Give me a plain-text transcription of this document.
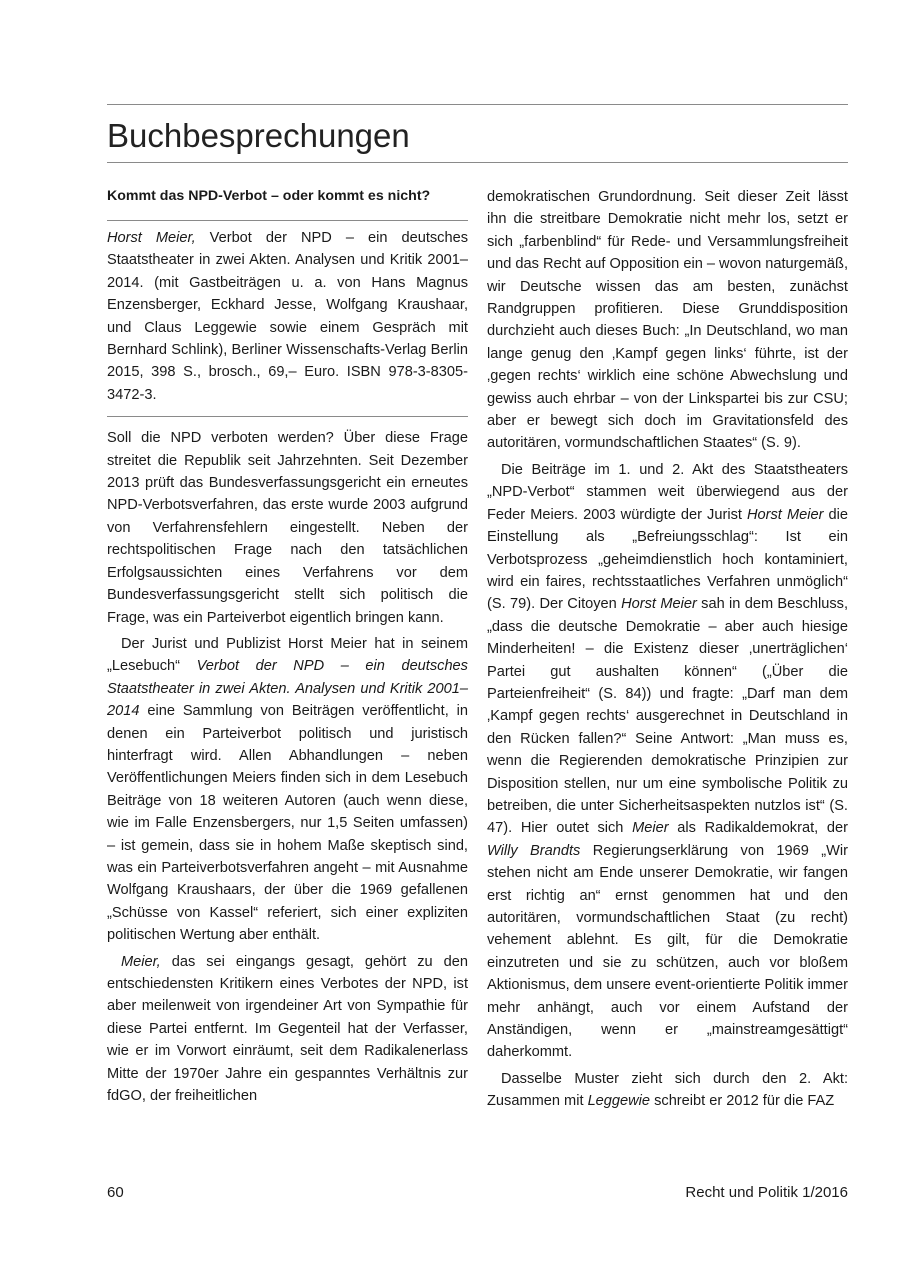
Buchbesprechungen

Kommt das NPD-Verbot – oder kommt es nicht?

Horst Meier, Verbot der NPD – ein deutsches Staatstheater in zwei Akten. Analysen und Kritik 2001–2014. (mit Gastbeiträgen u. a. von Hans Magnus Enzensberger, Eckhard Jesse, Wolfgang Kraushaar, und Claus Leggewie sowie einem Gespräch mit Bernhard Schlink), Berliner Wissenschafts-Verlag Berlin 2015, 398 S., brosch., 69,– Euro. ISBN 978-3-8305-3472-3.

Soll die NPD verboten werden? Über diese Frage streitet die Republik seit Jahrzehnten. Seit Dezember 2013 prüft das Bundesverfassungsgericht ein erneutes NPD-Verbotsverfahren, das erste wurde 2003 aufgrund von Verfahrensfehlern eingestellt. Neben der rechtspolitischen Frage nach den tatsächlichen Erfolgsaussichten eines Verfahrens vor dem Bundesverfassungsgericht stellt sich politisch die Frage, was ein Parteiverbot eigentlich bringen kann.

Der Jurist und Publizist Horst Meier hat in seinem „Lesebuch“ Verbot der NPD – ein deutsches Staatstheater in zwei Akten. Analysen und Kritik 2001–2014 eine Sammlung von Beiträgen veröffentlicht, in denen ein Parteiverbot politisch und juristisch hinterfragt wird. Allen Abhandlungen – neben Veröffentlichungen Meiers finden sich in dem Lesebuch Beiträge von 18 weiteren Autoren (auch wenn diese, wie im Falle Enzensbergers, nur 1,5 Seiten umfassen) – ist gemein, dass sie in hohem Maße skeptisch sind, was ein Parteiverbotsverfahren angeht – mit Ausnahme Wolfgang Kraushaars, der über die 1969 gefallenen „Schüsse von Kassel“ referiert, sich einer expliziten politischen Wertung aber enthält.

Meier, das sei eingangs gesagt, gehört zu den entschiedensten Kritikern eines Verbotes der NPD, ist aber meilenweit von irgendeiner Art von Sympathie für diese Partei entfernt. Im Gegenteil hat der Verfasser, wie er im Vorwort einräumt, seit dem Radikalenerlass Mitte der 1970er Jahre ein gespanntes Verhältnis zur fdGO, der freiheitlichen

demokratischen Grundordnung. Seit dieser Zeit lässt ihn die streitbare Demokratie nicht mehr los, setzt er sich „farbenblind“ für Rede- und Versammlungsfreiheit und das Recht auf Opposition ein – wovon naturgemäß, wir Deutsche wissen das am besten, zunächst Randgruppen profitieren. Diese Grunddisposition durchzieht auch dieses Buch: „In Deutschland, wo man lange genug den ‚Kampf gegen links‘ führte, ist der ‚gegen rechts‘ wirklich eine schöne Abwechslung und gewiss auch ehrbar – von der Linkspartei bis zur CSU; aber er bewegt sich doch im Gravitationsfeld des autoritären, vormundschaftlichen Staates“ (S. 9).

Die Beiträge im 1. und 2. Akt des Staatstheaters „NPD-Verbot“ stammen weit überwiegend aus der Feder Meiers. 2003 würdigte der Jurist Horst Meier die Einstellung als „Befreiungsschlag“: Ist ein Verbotsprozess „geheimdienstlich hoch kontaminiert, wird ein faires, rechtsstaatliches Verfahren unmöglich“ (S. 79). Der Citoyen Horst Meier sah in dem Beschluss, „dass die deutsche Demokratie – aber auch hiesige Minderheiten! – die Existenz dieser ‚unerträglichen‘ Partei gut aushalten können“ („Über die Parteienfreiheit“ (S. 84)) und fragte: „Darf man dem ‚Kampf gegen rechts‘ ausgerechnet in Deutschland in den Rücken fallen?“ Seine Antwort: „Man muss es, wenn die Regierenden demokratische Prinzipien zur Disposition stellen, nur um eine symbolische Politik zu betreiben, die unter Sicherheitsaspekten nutzlos ist“ (S. 47). Hier outet sich Meier als Radikaldemokrat, der Willy Brandts Regierungserklärung von 1969 „Wir stehen nicht am Ende unserer Demokratie, wir fangen erst richtig an“ ernst genommen hat und den autoritären, vormundschaftlichen Staat (zu recht) vehement ablehnt. Es gilt, für die Demokratie einzutreten und sie zu schützen, auch vor bloßem Aktionismus, dem unsere event-orientierte Politik immer mehr anhängt, auch vor einem Aufstand der Anständigen, wenn er „mainstreamgesättigt“ daherkommt.

Dasselbe Muster zieht sich durch den 2. Akt: Zusammen mit Leggewie schreibt er 2012 für die FAZ

60	Recht und Politik 1/2016
